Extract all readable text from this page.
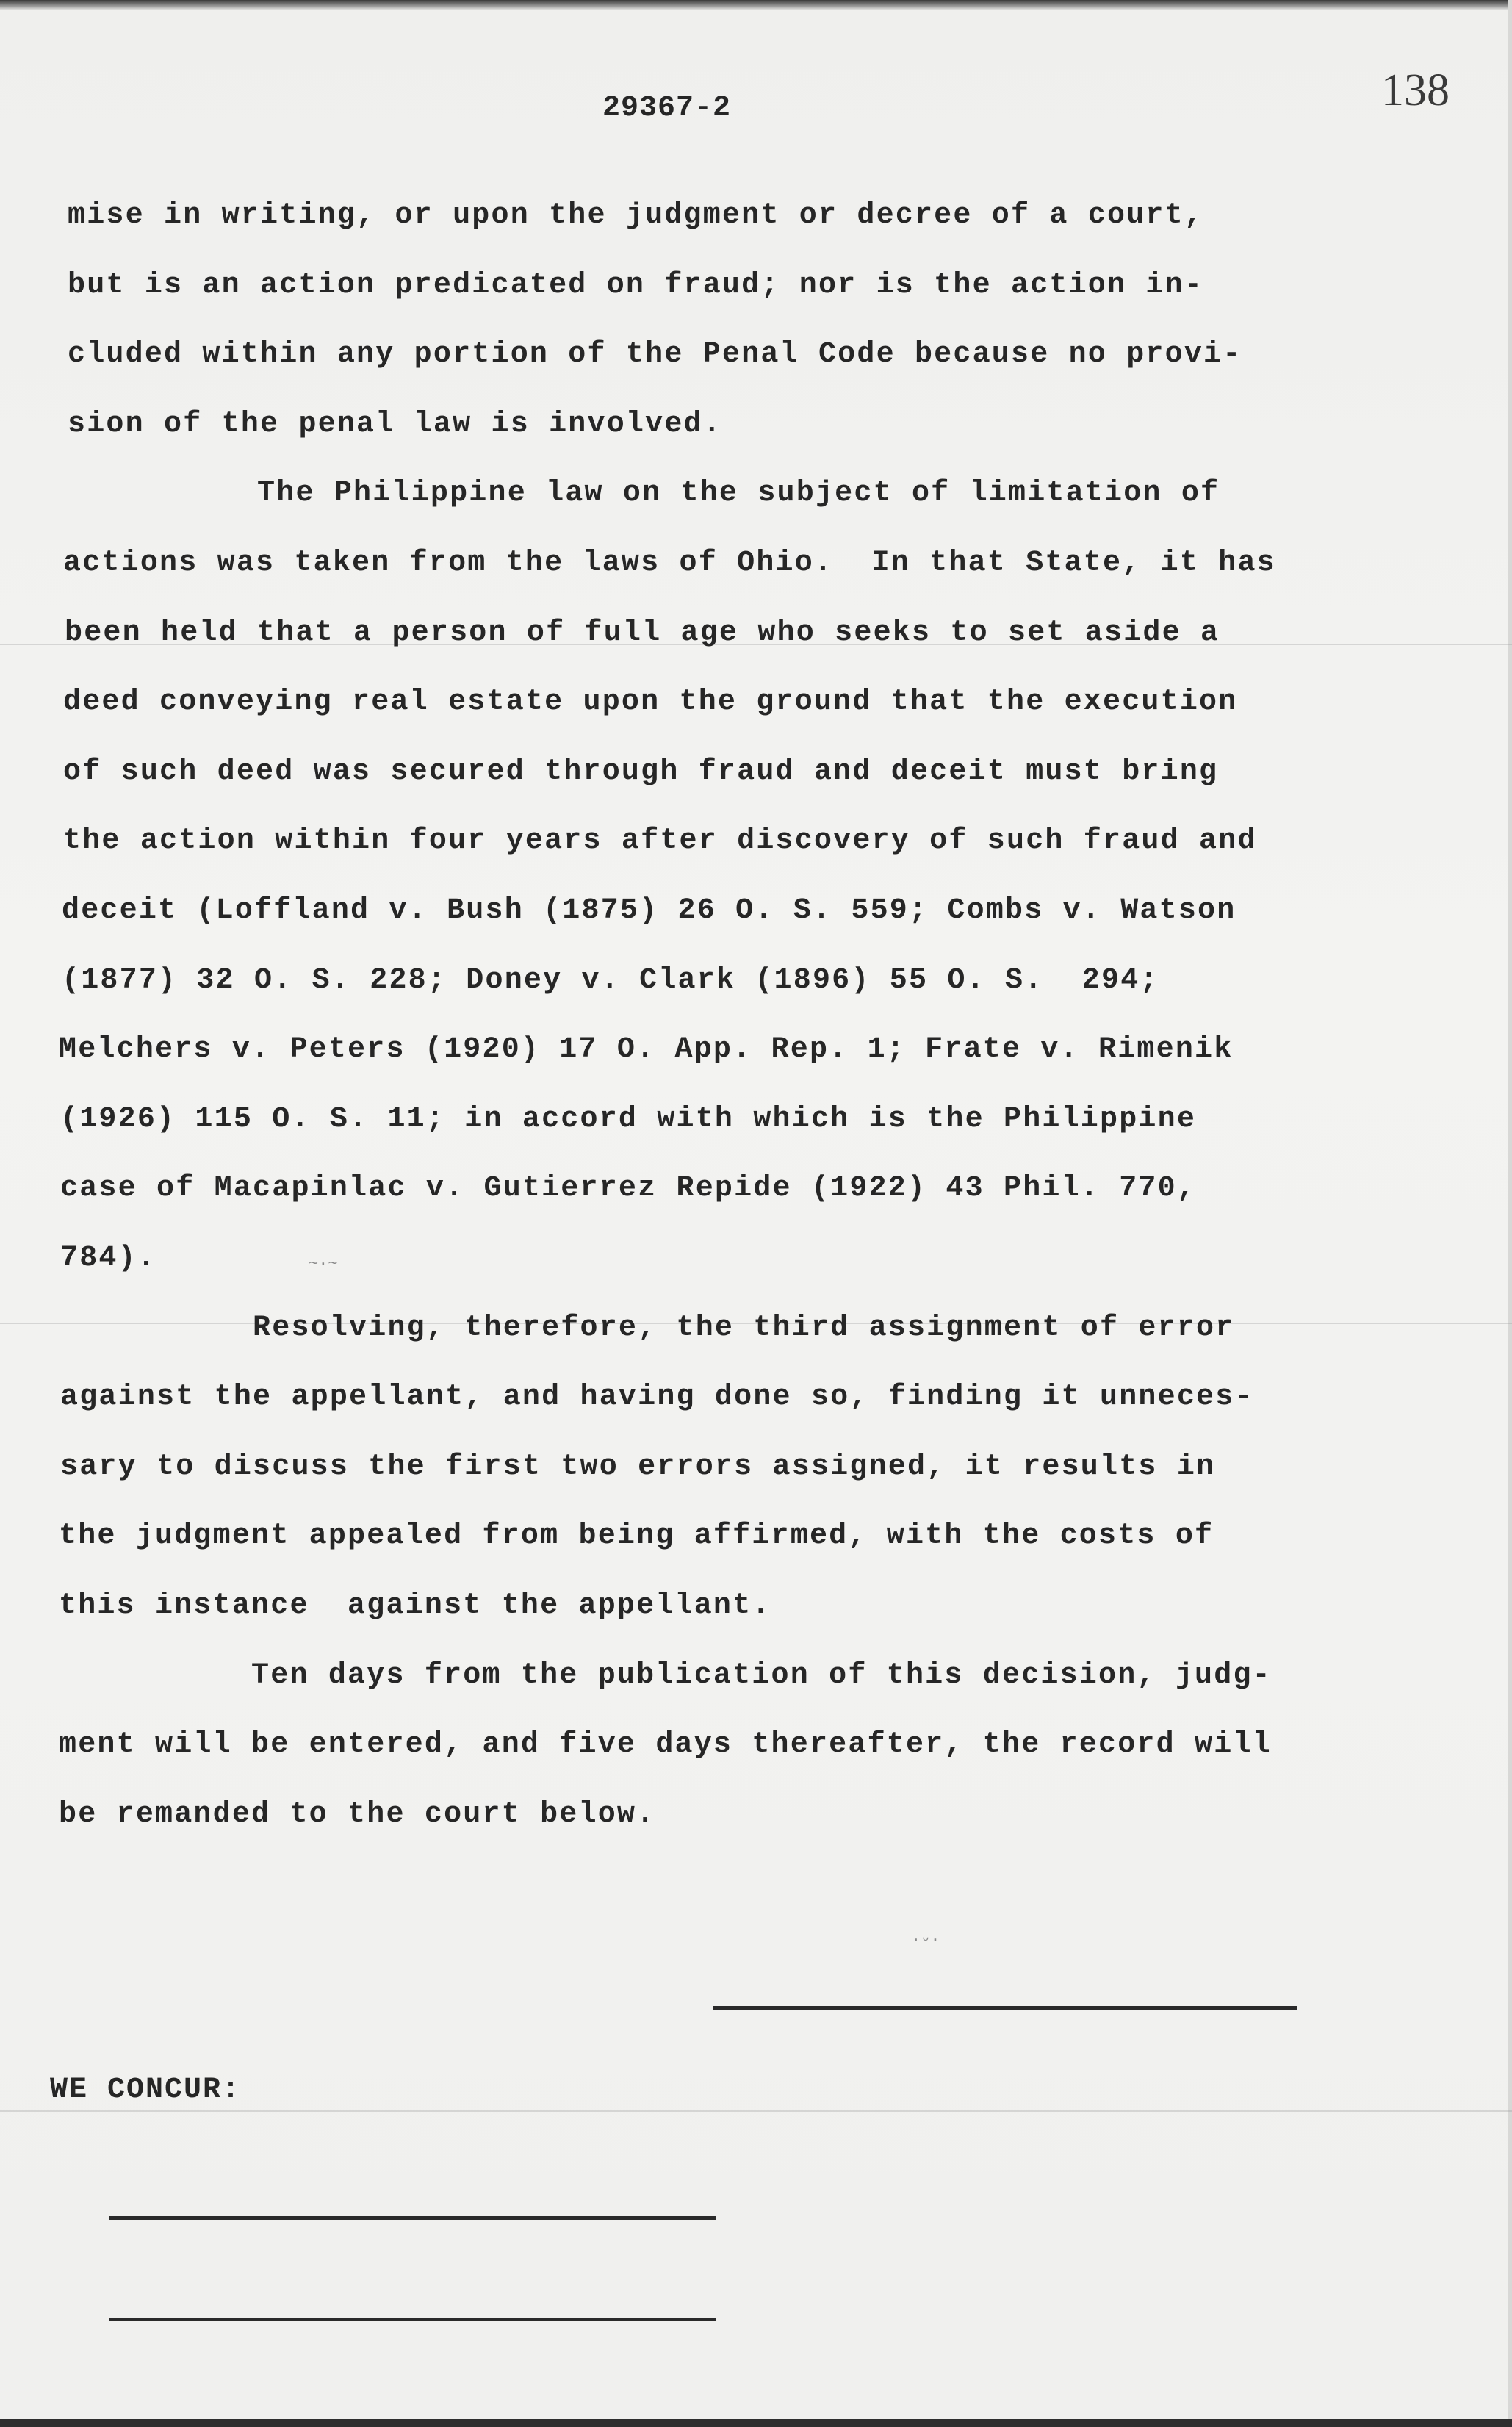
29367-2	138
mise in writing, or upon the judgment or decree of a court,
but is an action predicated on fraud; nor is the action in-
cluded within any portion of the Penal Code because no provi-
sion of the penal law is involved.
The Philippine law on the subject of limitation of
actions was taken from the laws of Ohio.  In that State, it has
been held that a person of full age who seeks to set aside a
deed conveying real estate upon the ground that the execution
of such deed was secured through fraud and deceit must bring
the action within four years after discovery of such fraud and
deceit (Loffland v. Bush (1875) 26 O. S. 559; Combs v. Watson
(1877) 32 O. S. 228; Doney v. Clark (1896) 55 O. S.  294;
Melchers v. Peters (1920) 17 O. App. Rep. 1; Frate v. Rimenik
(1926) 115 O. S. 11; in accord with which is the Philippine
case of Macapinlac v. Gutierrez Repide (1922) 43 Phil. 770,
784).
Resolving, therefore, the third assignment of error
against the appellant, and having done so, finding it unneces-
sary to discuss the first two errors assigned, it results in
the judgment appealed from being affirmed, with the costs of
this instance  against the appellant.
Ten days from the publication of this decision, judg-
ment will be entered, and five days thereafter, the record will
be remanded to the court below.
~·~
·ᵕ·
WE CONCUR:
